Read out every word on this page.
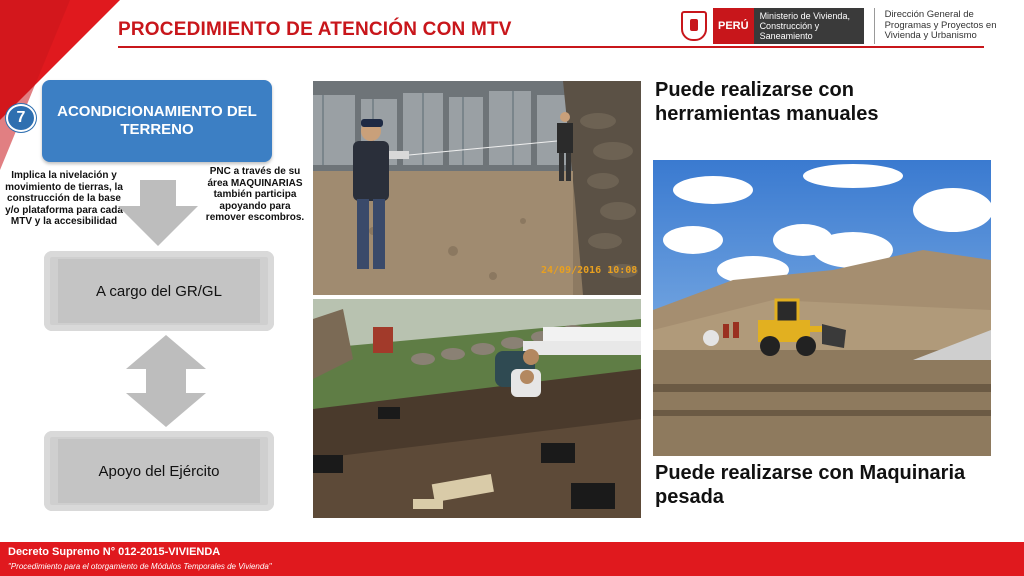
PROCEDIMIENTO DE ATENCIÓN CON MTV	PERÚ
Ministerio de Vivienda, Construcción y Saneamiento
Dirección General de Programas y Proyectos en Vivienda y Urbanismo
7	ACONDICIONAMIENTO DEL TERRENO
Implica la nivelación y movimiento de tierras, la construcción de la base y/o plataforma para cada MTV y la accesibilidad
PNC a través de su área MAQUINARIAS también participa apoyando para remover escombros.
A cargo del GR/GL
Apoyo del Ejército
24/09/2016 10:08
Puede realizarse con herramientas manuales
Puede realizarse con Maquinaria pesada
Decreto Supremo N° 012-2015-VIVIENDA
"Procedimiento para el otorgamiento de Módulos Temporales de Vivienda"
